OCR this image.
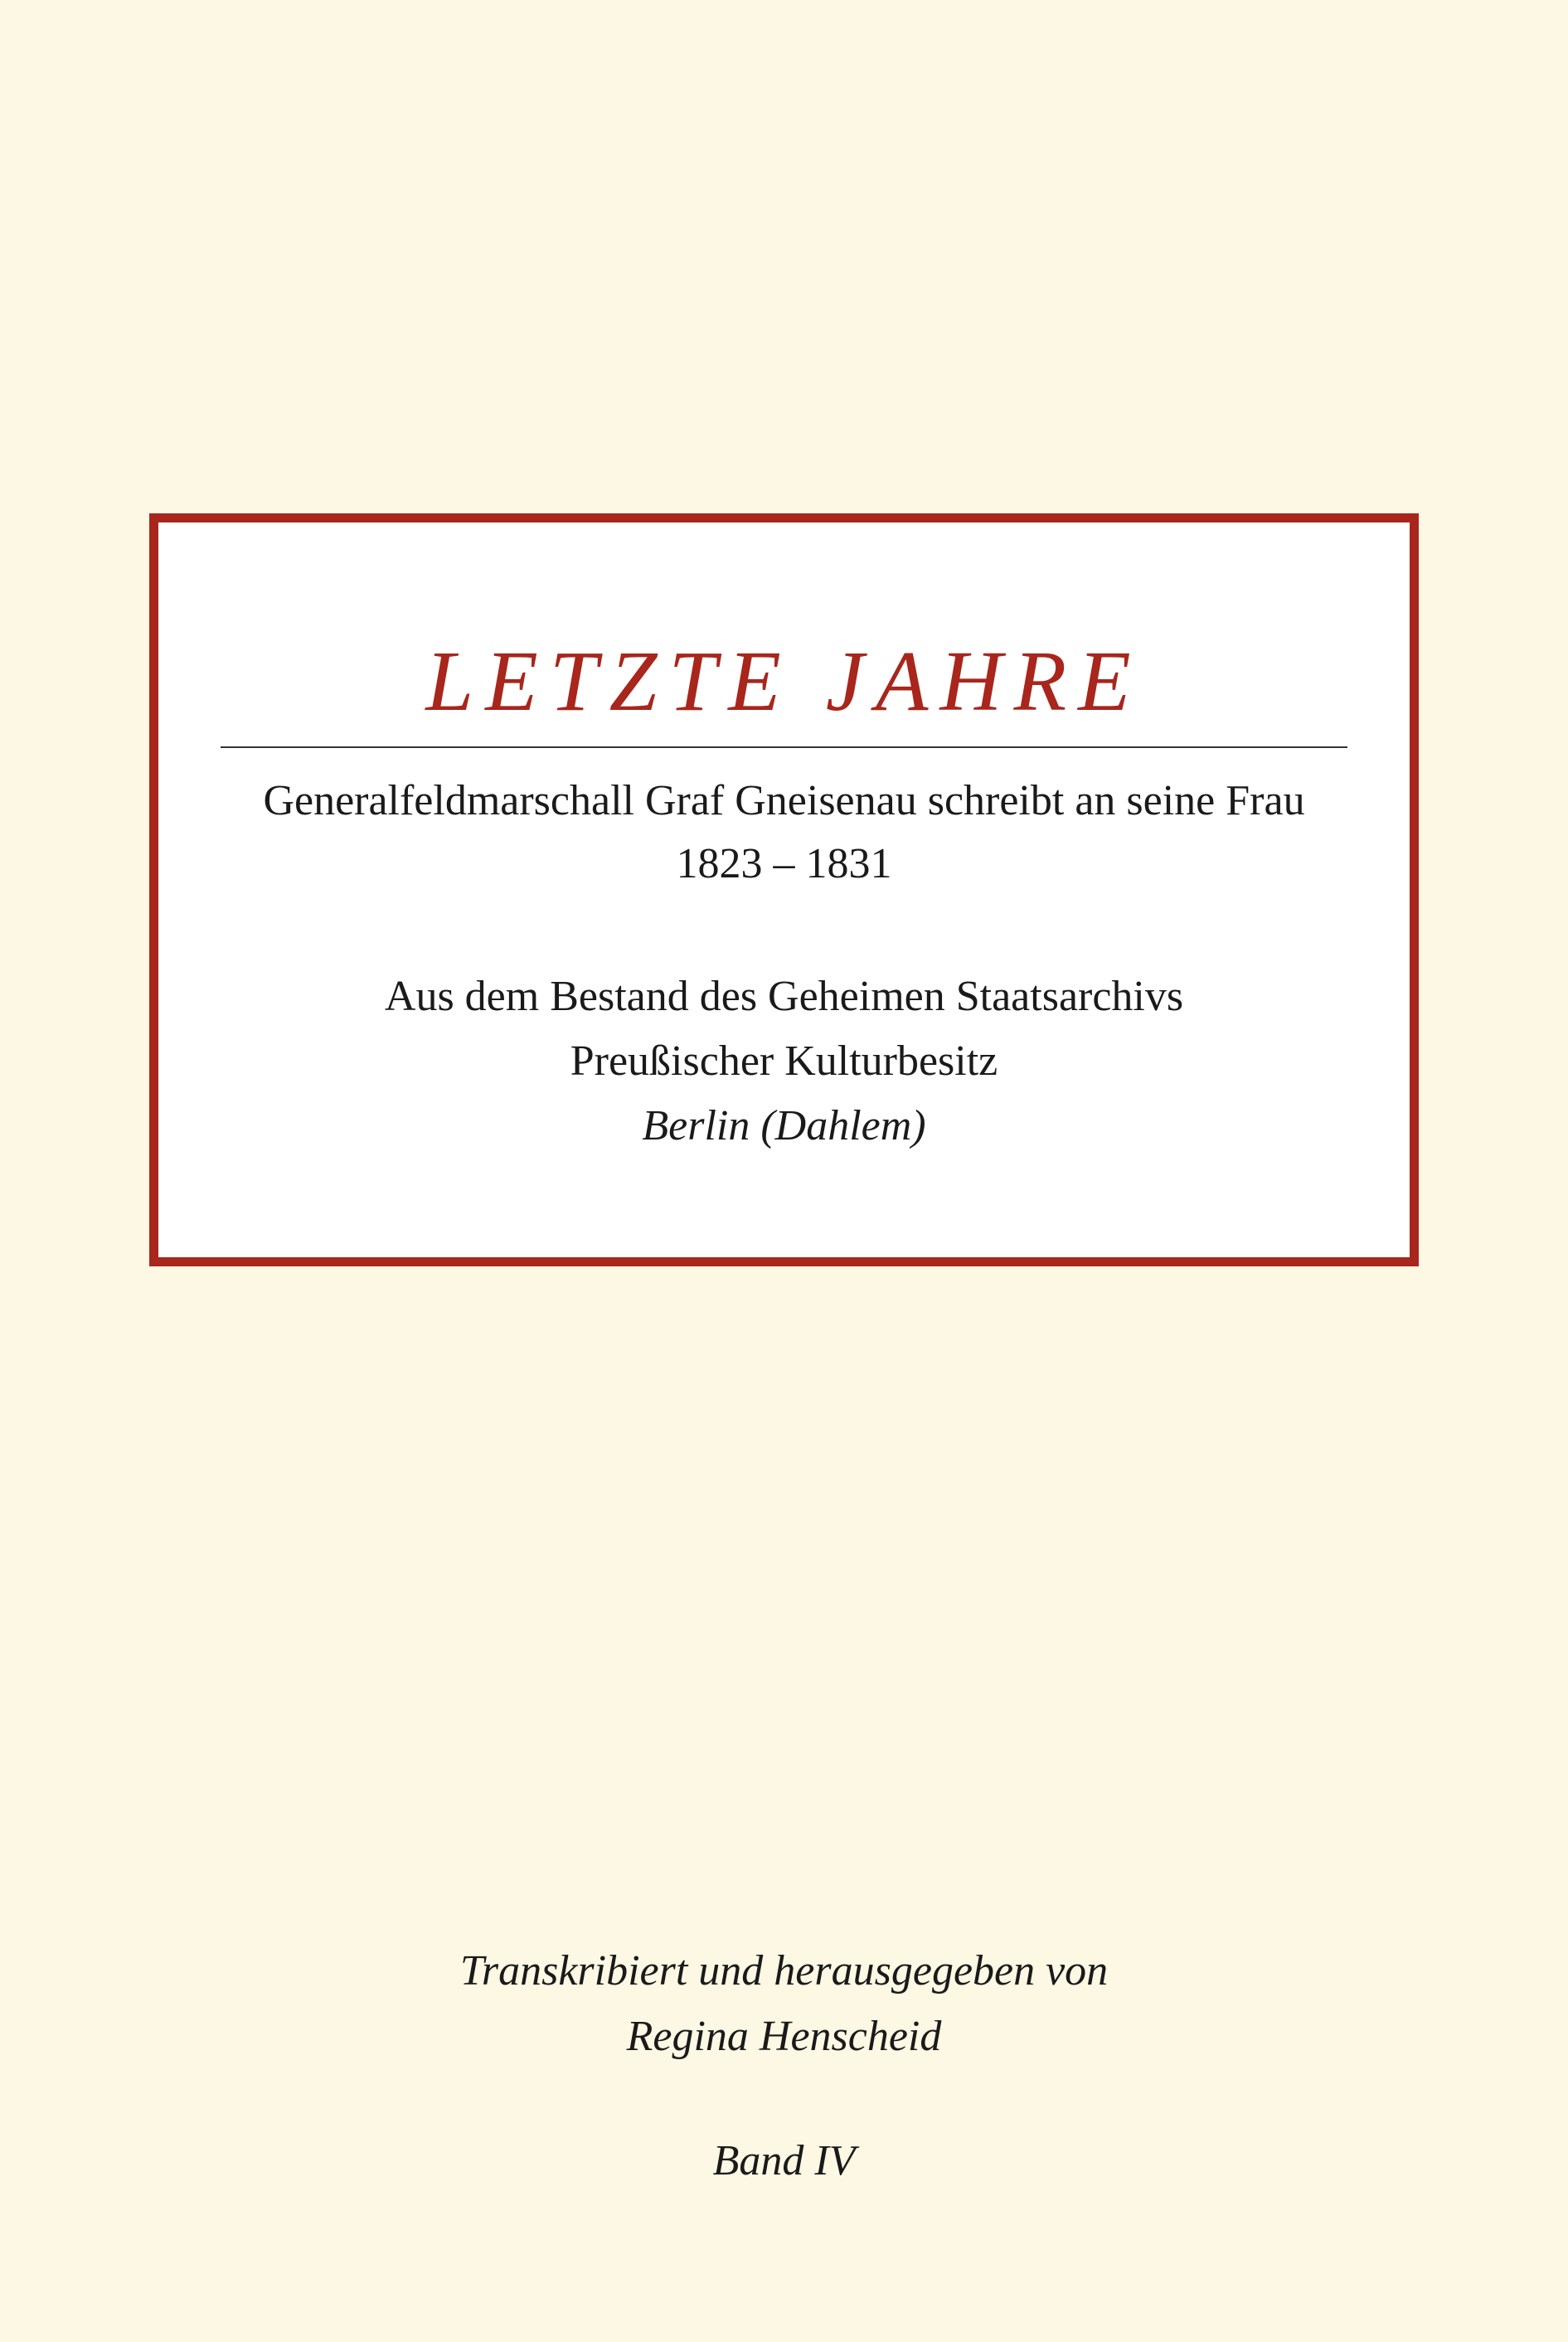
LETZTE JAHRE
Generalfeldmarschall Graf Gneisenau schreibt an seine Frau
1823 – 1831
Aus dem Bestand des Geheimen Staatsarchivs
Preußischer Kulturbesitz
Berlin (Dahlem)
Transkribiert und herausgegeben von
Regina Henscheid
Band IV
